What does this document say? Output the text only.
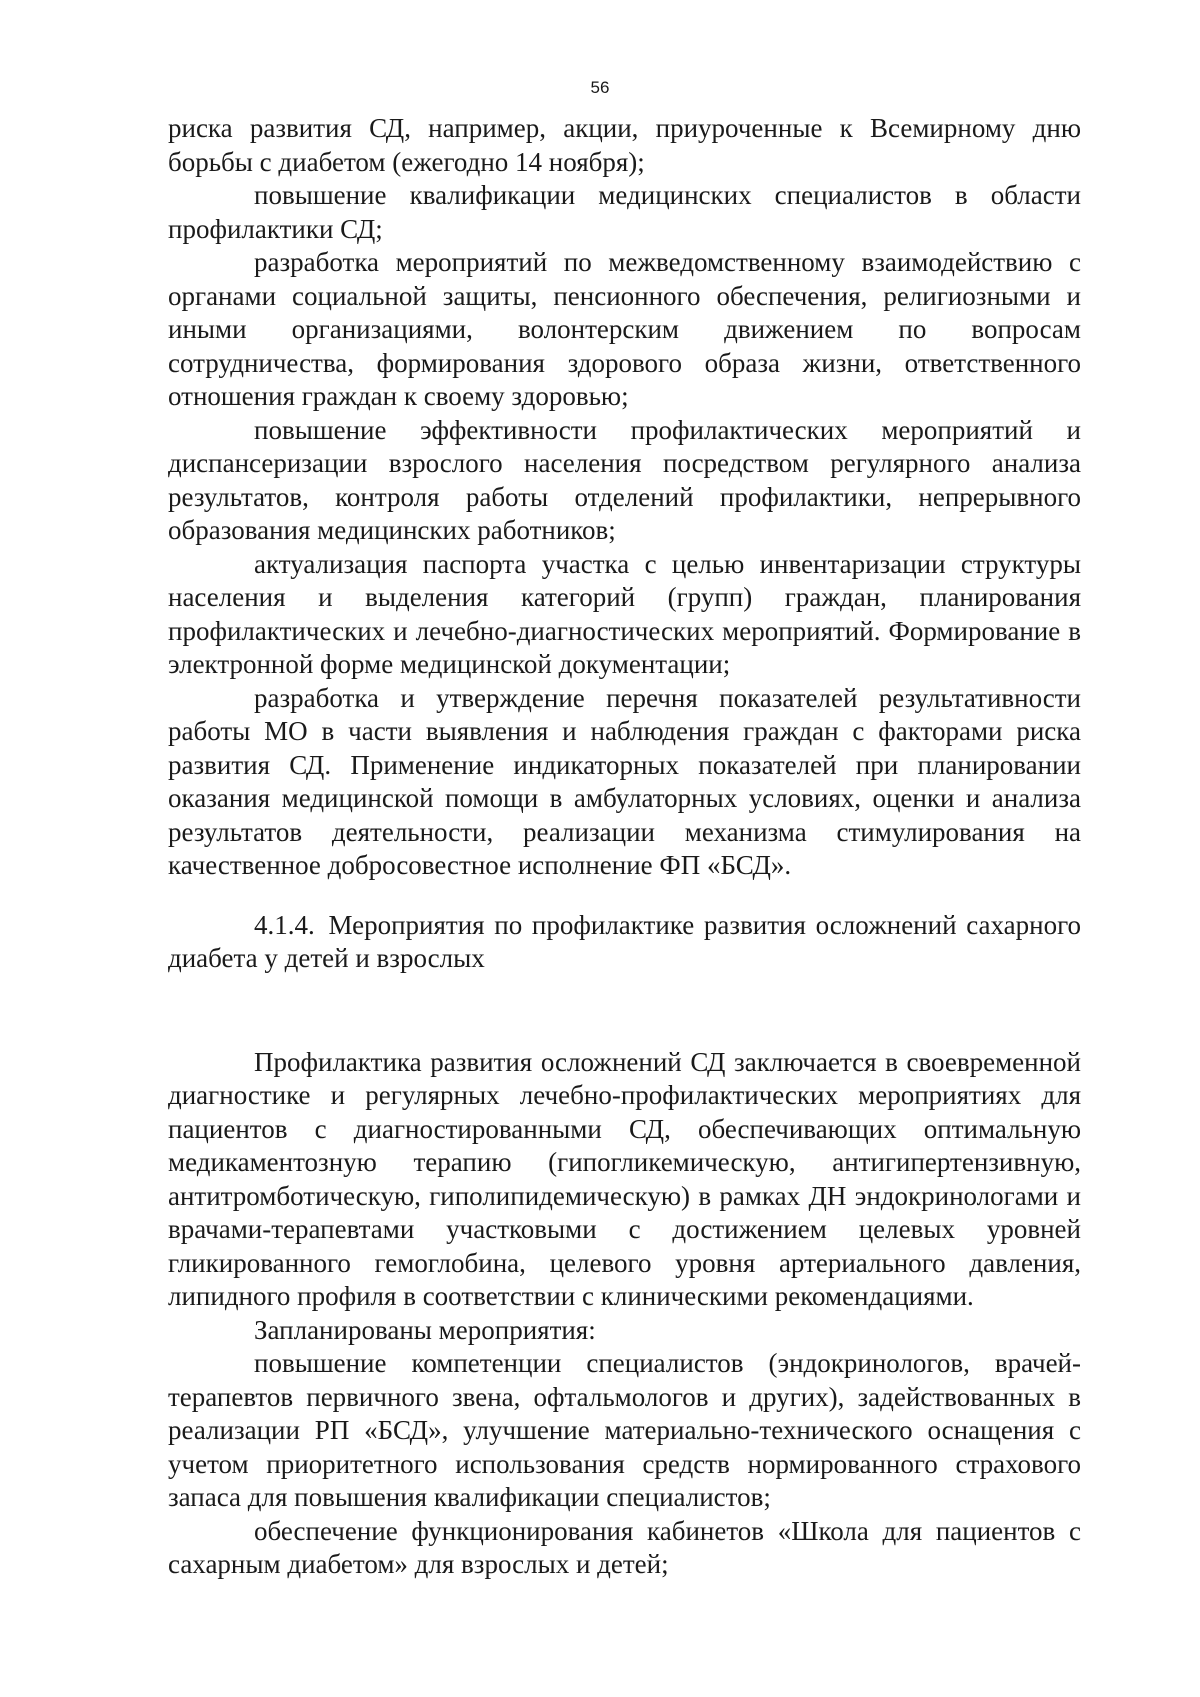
56

риска развития СД, например, акции, приуроченные к Всемирному дню борьбы с диабетом (ежегодно 14 ноября);

повышение квалификации медицинских специалистов в области профилактики СД;

разработка мероприятий по межведомственному взаимодействию с органами социальной защиты, пенсионного обеспечения, религиозными и иными организациями, волонтерским движением по вопросам сотрудничества, формирования здорового образа жизни, ответственного отношения граждан к своему здоровью;

повышение эффективности профилактических мероприятий и диспансеризации взрослого населения посредством регулярного анализа результатов, контроля работы отделений профилактики, непрерывного образования медицинских работников;

актуализация паспорта участка с целью инвентаризации структуры населения и выделения категорий (групп) граждан, планирования профилактических и лечебно-диагностических мероприятий. Формирование в электронной форме медицинской документации;

разработка и утверждение перечня показателей результативности работы МО в части выявления и наблюдения граждан с факторами риска развития СД. Применение индикаторных показателей при планировании оказания медицинской помощи в амбулаторных условиях, оценки и анализа результатов деятельности, реализации механизма стимулирования на качественное добросовестное исполнение ФП «БСД».

4.1.4. Мероприятия по профилактике развития осложнений сахарного диабета у детей и взрослых

Профилактика развития осложнений СД заключается в своевременной диагностике и регулярных лечебно-профилактических мероприятиях для пациентов с диагностированными СД, обеспечивающих оптимальную медикаментозную терапию (гипогликемическую, антигипертензивную, антитромботическую, гиполипидемическую) в рамках ДН эндокринологами и врачами-терапевтами участковыми с достижением целевых уровней гликированного гемоглобина, целевого уровня артериального давления, липидного профиля в соответствии с клиническими рекомендациями.

Запланированы мероприятия:

повышение компетенции специалистов (эндокринологов, врачей-терапевтов первичного звена, офтальмологов и других), задействованных в реализации РП «БСД», улучшение материально-технического оснащения с учетом приоритетного использования средств нормированного страхового запаса для повышения квалификации специалистов;

обеспечение функционирования кабинетов «Школа для пациентов с сахарным диабетом» для взрослых и детей;
